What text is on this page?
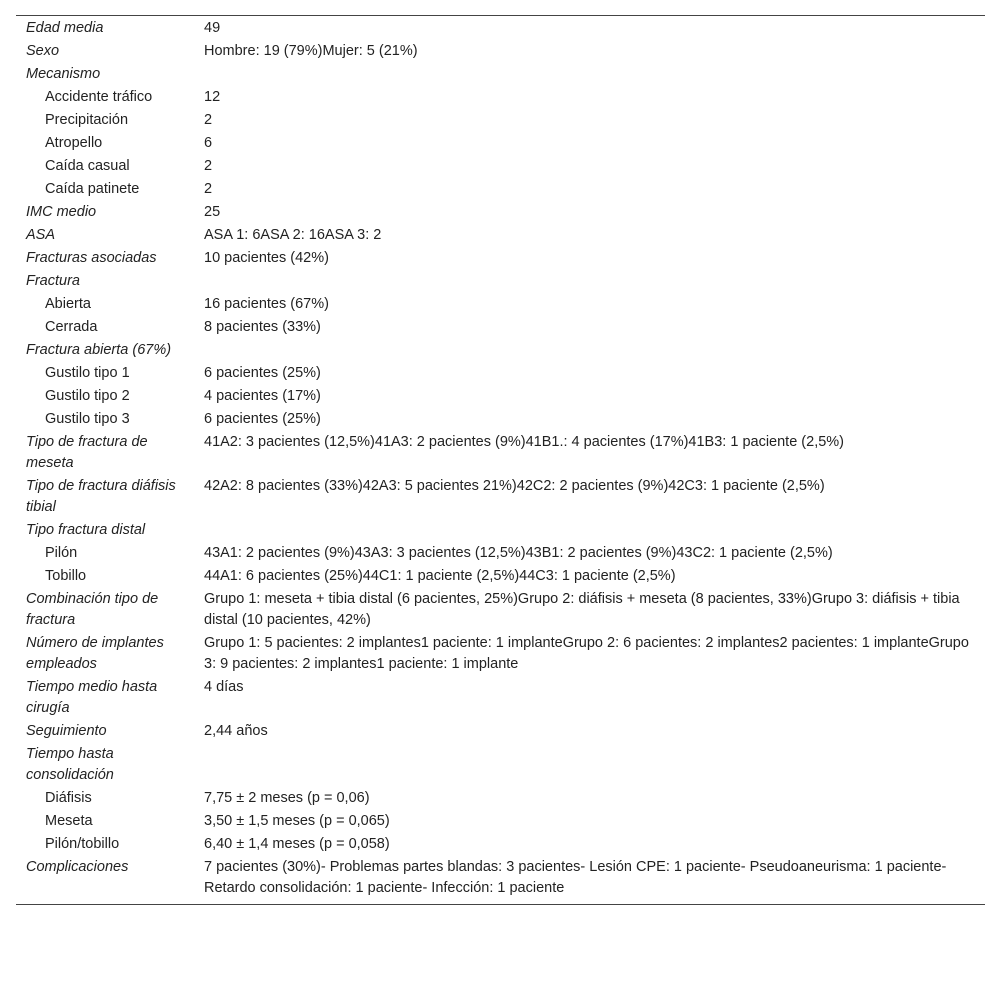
Edad media	49
Sexo	Hombre: 19 (79%)Mujer: 5 (21%)
Mecanismo	
Accidente tráfico	12
Precipitación	2
Atropello	6
Caída casual	2
Caída patinete	2
IMC medio	25
ASA	ASA 1: 6ASA 2: 16ASA 3: 2
Fracturas asociadas	10 pacientes (42%)
Fractura	
Abierta	16 pacientes (67%)
Cerrada	8 pacientes (33%)
Fractura abierta (67%)	
Gustilo tipo 1	6 pacientes (25%)
Gustilo tipo 2	4 pacientes (17%)
Gustilo tipo 3	6 pacientes (25%)
Tipo de fractura de meseta	41A2: 3 pacientes (12,5%)41A3: 2 pacientes (9%)41B1.: 4 pacientes (17%)41B3: 1 paciente (2,5%)
Tipo de fractura diáfisis tibial	42A2: 8 pacientes (33%)42A3: 5 pacientes 21%)42C2: 2 pacientes (9%)42C3: 1 paciente (2,5%)
Tipo fractura distal	
Pilón	43A1: 2 pacientes (9%)43A3: 3 pacientes (12,5%)43B1: 2 pacientes (9%)43C2: 1 paciente (2,5%)
Tobillo	44A1: 6 pacientes (25%)44C1: 1 paciente (2,5%)44C3: 1 paciente (2,5%)
Combinación tipo de fractura	Grupo 1: meseta + tibia distal (6 pacientes, 25%)Grupo 2: diáfisis + meseta (8 pacientes, 33%)Grupo 3: diáfisis + tibia distal (10 pacientes, 42%)
Número de implantes empleados	Grupo 1: 5 pacientes: 2 implantes1 paciente: 1 implanteGrupo 2: 6 pacientes: 2 implantes2 pacientes: 1 implanteGrupo 3: 9 pacientes: 2 implantes1 paciente: 1 implante
Tiempo medio hasta cirugía	4 días
Seguimiento	2,44 años
Tiempo hasta consolidación	
Diáfisis	7,75 ± 2 meses (p = 0,06)
Meseta	3,50 ± 1,5 meses (p = 0,065)
Pilón/tobillo	6,40 ± 1,4 meses (p = 0,058)
Complicaciones	7 pacientes (30%)- Problemas partes blandas: 3 pacientes- Lesión CPE: 1 paciente- Pseudoaneurisma: 1 paciente- Retardo consolidación: 1 paciente- Infección: 1 paciente
